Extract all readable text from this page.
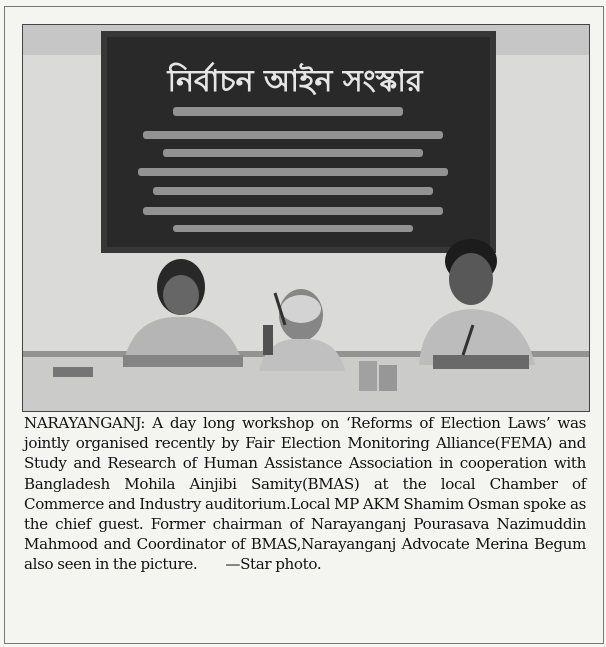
নির্বাচন আইন সংস্কার
NARAYANGANJ: A day long workshop on ‘Reforms of Election Laws’ was jointly organised recently by Fair Election Monitoring Alliance(FEMA) and Study and Research of Human Assistance Association in cooperation with Bangladesh Mohila Ainjibi Samity(BMAS) at the local Chamber of Commerce and Industry auditorium.Local MP AKM Shamim Osman spoke as the chief guest. Former chairman of Narayanganj Pourasava Nazimuddin Mahmood and Coordinator of BMAS,Narayanganj Advocate Merina Begum also seen in the picture. —Star photo.
